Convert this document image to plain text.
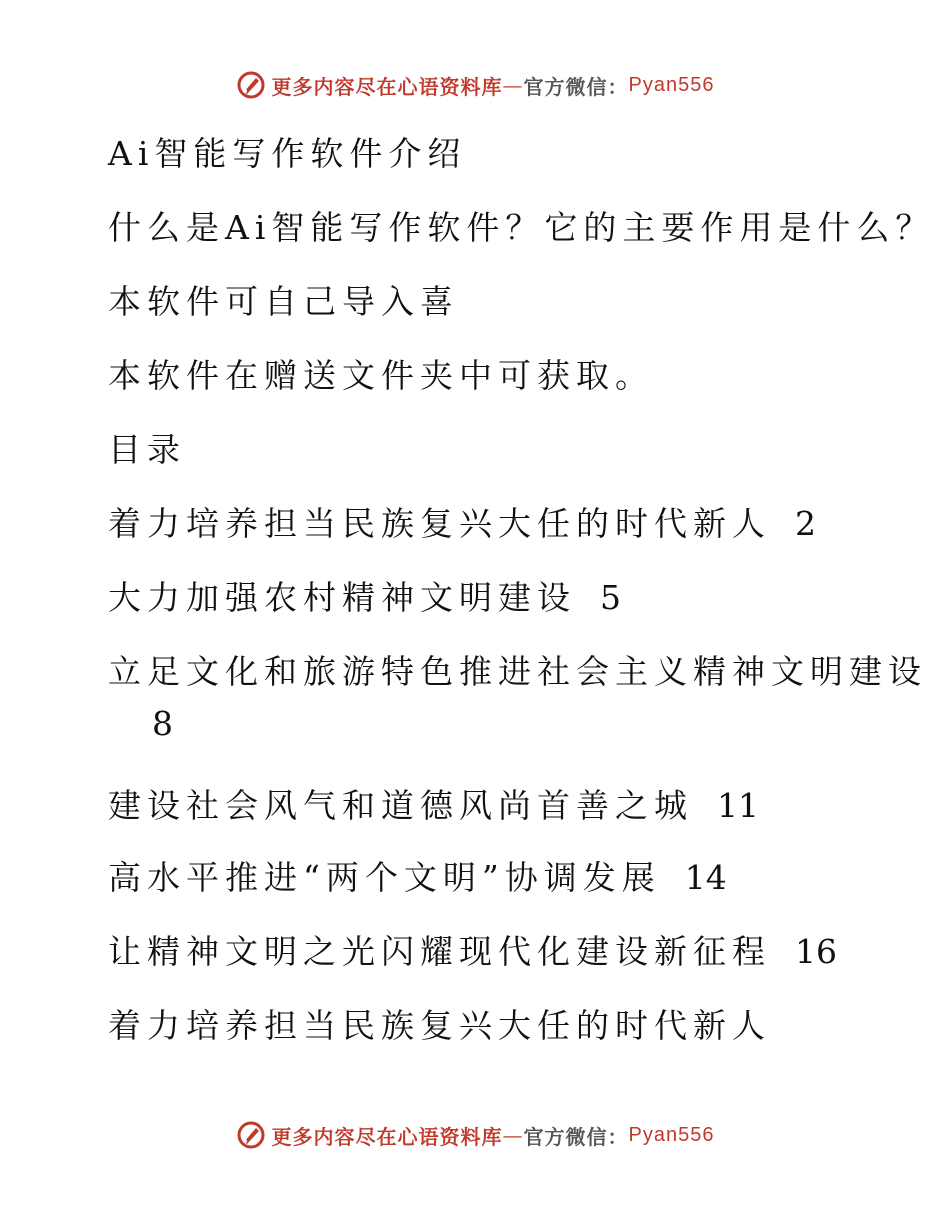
更多内容尽在心语资料库 — 官方微信： Pyan556
Ai智能写作软件介绍
什么是Ai智能写作软件？它的主要作用是什么？
本软件可自己导入喜
本软件在赠送文件夹中可获取。
目录
着力培养担当民族复兴大任的时代新人 2
大力加强农村精神文明建设 5
立足文化和旅游特色推进社会主义精神文明建设
8
建设社会风气和道德风尚首善之城 11
高水平推进“两个文明”协调发展 14
让精神文明之光闪耀现代化建设新征程 16
着力培养担当民族复兴大任的时代新人
更多内容尽在心语资料库 — 官方微信： Pyan556
